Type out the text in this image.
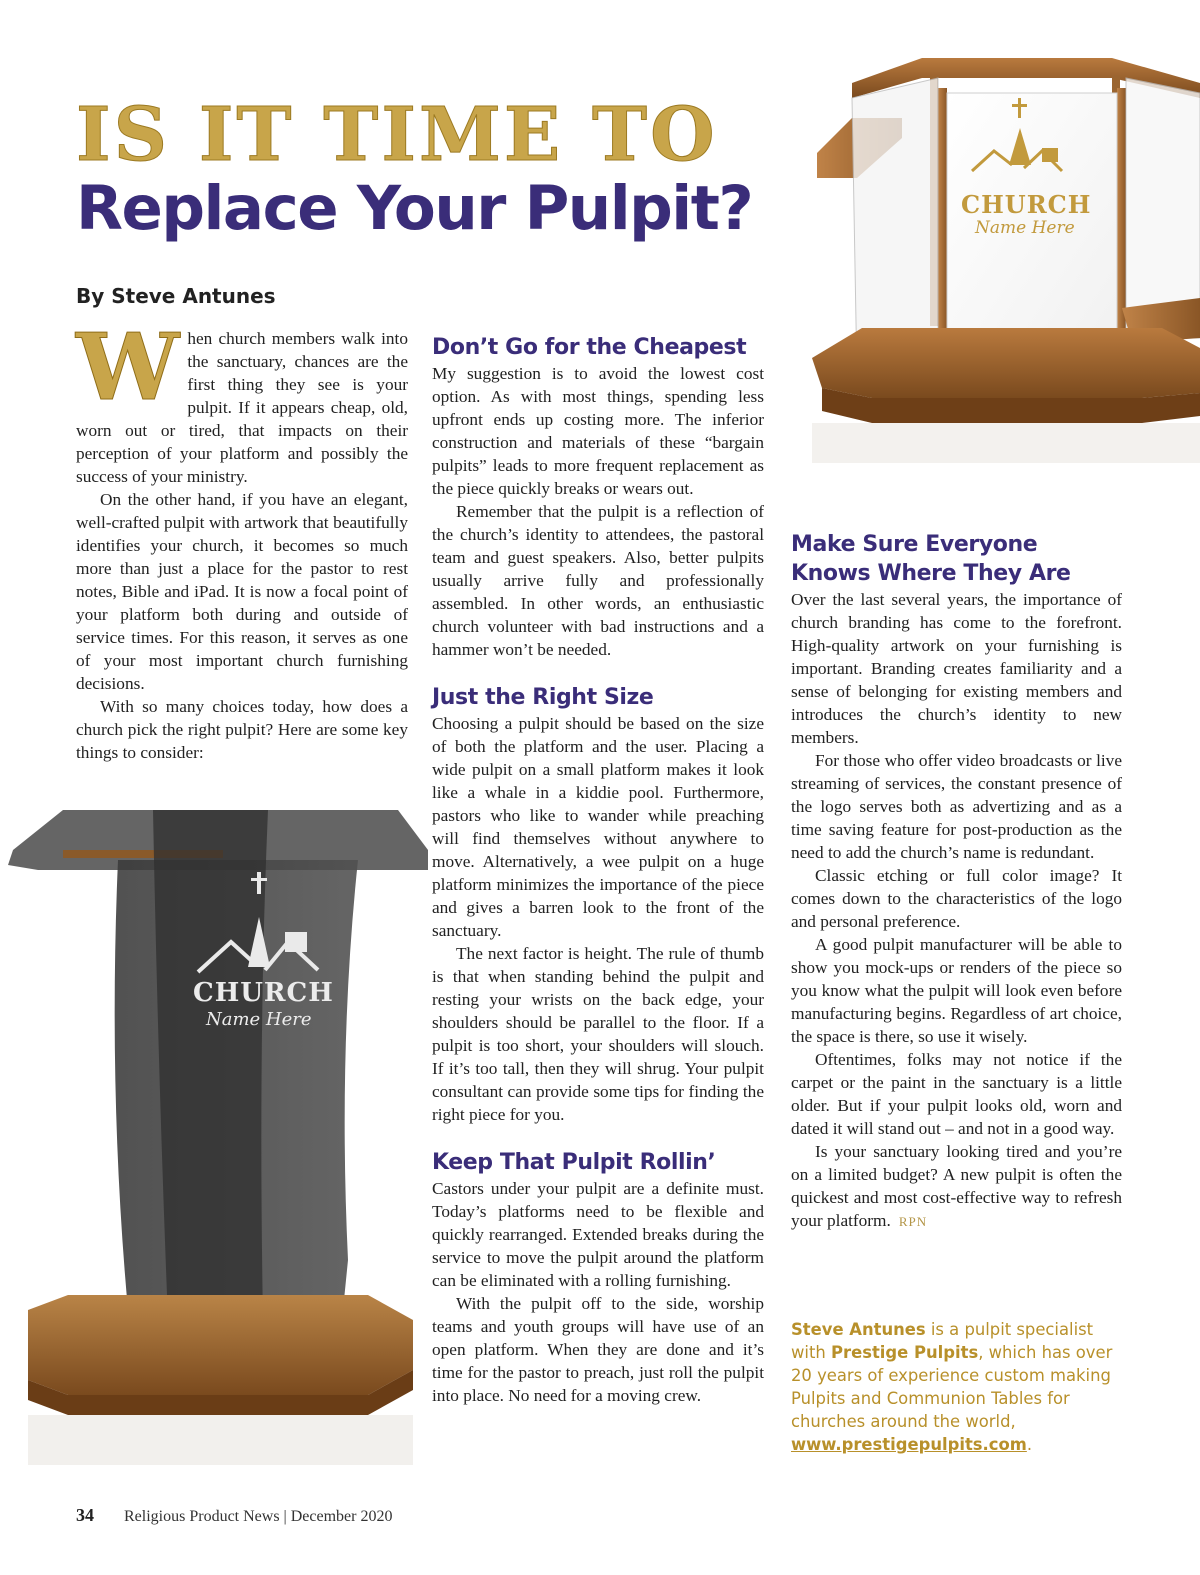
IS IT TIME TO
Replace Your Pulpit?
By Steve Antunes
CHURCH
Name Here
W hen church members walk into the sanctuary, chances are the first thing they see is your pulpit. If it appears cheap, old, worn out or tired, that impacts on their perception of your platform and possibly the success of your ministry.

On the other hand, if you have an elegant, well-crafted pulpit with artwork that beautifully identifies your church, it becomes so much more than just a place for the pastor to rest notes, Bible and iPad. It is now a focal point of your platform both during and outside of service times. For this reason, it serves as one of your most important church furnishing decisions.

With so many choices today, how does a church pick the right pulpit? Here are some key things to consider:

CHURCH
Name Here
Don’t Go for the Cheapest

My suggestion is to avoid the lowest cost option. As with most things, spending less upfront ends up costing more. The inferior construction and materials of these “bargain pulpits” leads to more frequent replacement as the piece quickly breaks or wears out.

Remember that the pulpit is a reflection of the church’s identity to attendees, the pastoral team and guest speakers. Also, better pulpits usually arrive fully and professionally assembled. In other words, an enthusiastic church volunteer with bad instructions and a hammer won’t be needed.

Just the Right Size

Choosing a pulpit should be based on the size of both the platform and the user. Placing a wide pulpit on a small platform makes it look like a whale in a kiddie pool. Furthermore, pastors who like to wander while preaching will find themselves without anywhere to move. Alternatively, a wee pulpit on a huge platform minimizes the importance of the piece and gives a barren look to the front of the sanctuary.

The next factor is height. The rule of thumb is that when standing behind the pulpit and resting your wrists on the back edge, your shoulders should be parallel to the floor. If a pulpit is too short, your shoulders will slouch. If it’s too tall, then they will shrug. Your pulpit consultant can provide some tips for finding the right piece for you.

Keep That Pulpit Rollin’

Castors under your pulpit are a definite must. Today’s platforms need to be flexible and quickly rearranged. Extended breaks during the service to move the pulpit around the platform can be eliminated with a rolling furnishing.

With the pulpit off to the side, worship teams and youth groups will have use of an open platform. When they are done and it’s time for the pastor to preach, just roll the pulpit into place. No need for a moving crew.

Make Sure Everyone Knows Where They Are

Over the last several years, the importance of church branding has come to the forefront. High-quality artwork on your furnishing is important. Branding creates familiarity and a sense of belonging for existing members and introduces the church’s identity to new members.

For those who offer video broadcasts or live streaming of services, the constant presence of the logo serves both as advertizing and as a time saving feature for post-production as the need to add the church’s name is redundant.

Classic etching or full color image? It comes down to the characteristics of the logo and personal preference.

A good pulpit manufacturer will be able to show you mock-ups or renders of the piece so you know what the pulpit will look even before manufacturing begins. Regardless of art choice, the space is there, so use it wisely.

Oftentimes, folks may not notice if the carpet or the paint in the sanctuary is a little older. But if your pulpit looks old, worn and dated it will stand out – and not in a good way.

Is your sanctuary looking tired and you’re on a limited budget? A new pulpit is often the quickest and most cost-effective way to refresh your platform. RPN

Steve Antunes is a pulpit specialist with Prestige Pulpits, which has over 20 years of experience custom making Pulpits and Communion Tables for churches around the world, www.prestigepulpits.com.
34 Religious Product News | December 2020
